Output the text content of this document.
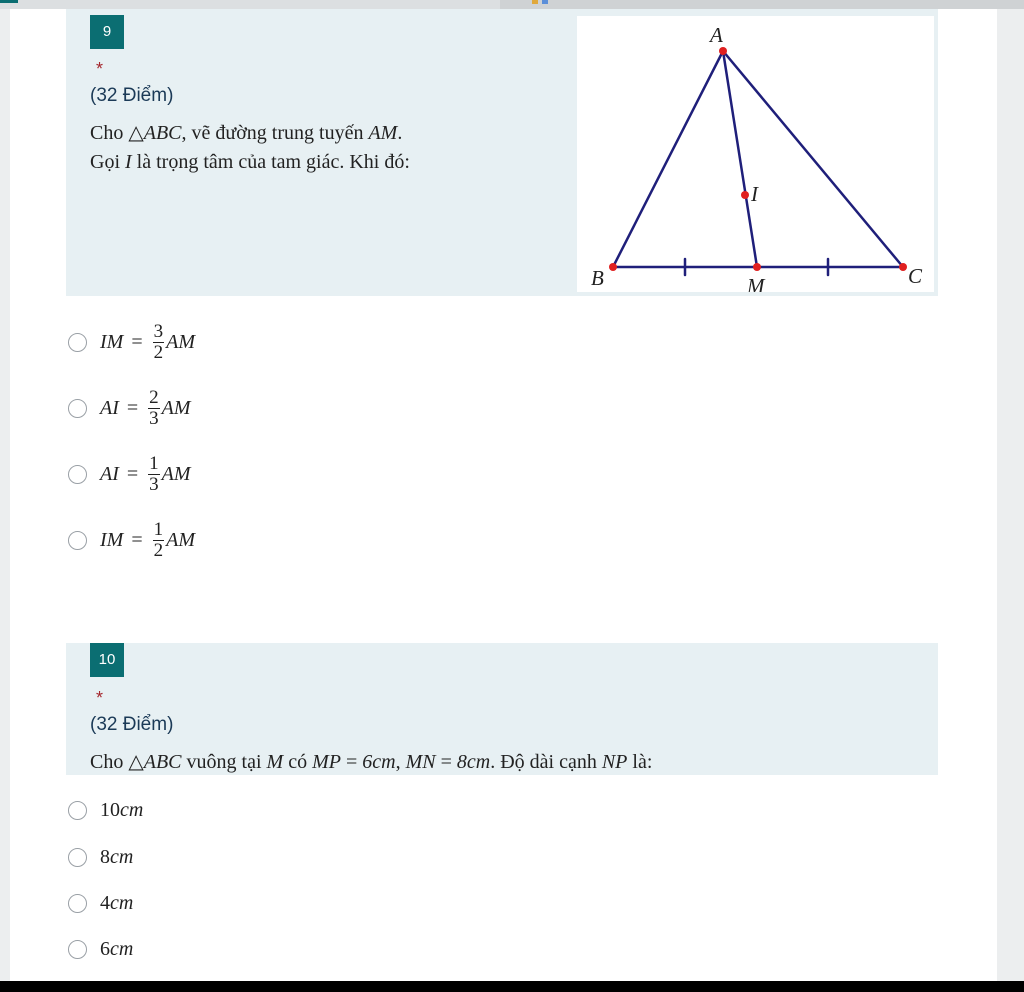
9
*
(32 Điểm)
Cho △ABC, vẽ đường trung tuyến AM.
Gọi I là trọng tâm của tam giác. Khi đó:
A
B	C
M
I
IM = $\frac{3}{2}$ AM
AI = $\frac{2}{3}$ AM
AI = $\frac{1}{3}$ AM
IM = $\frac{1}{2}$ AM
10
*
(32 Điểm)
Cho △ABC vuông tại M có MP = 6cm, MN = 8cm. Độ dài cạnh NP là:
10 cm
8 cm
4 cm
6 cm
